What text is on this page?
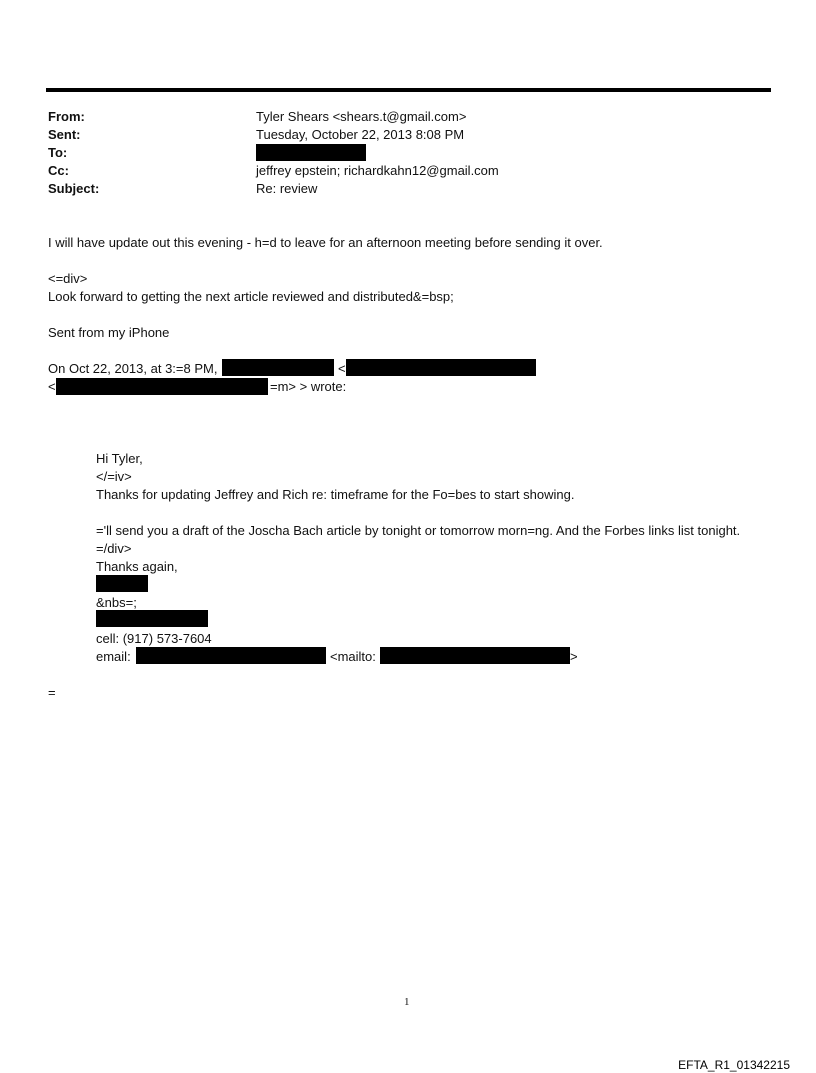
From:	Tyler Shears <shears.t@gmail.com>
Sent:	Tuesday, October 22, 2013 8:08 PM
To:
Cc:	jeffrey epstein; richardkahn12@gmail.com
Subject:	Re: review
I will have update out this evening - h=d to leave for an afternoon meeting before sending it over.
<=div>
Look forward to getting the next article reviewed and distributed&=bsp;
Sent from my iPhone
On Oct 22, 2013, at 3:=8 PM,	<
<	=m> > wrote:
Hi Tyler,
</=iv>
Thanks for updating Jeffrey and Rich re: timeframe for the Fo=bes to start showing.
='ll send you a draft of the Joscha Bach article by tonight or tomorrow morn=ng. And the Forbes links list tonight.
=/div>
Thanks again,
&nbs=;
cell: (917) 573-7604
email:	<mailto:	>
=
1
EFTA_R1_01342215
